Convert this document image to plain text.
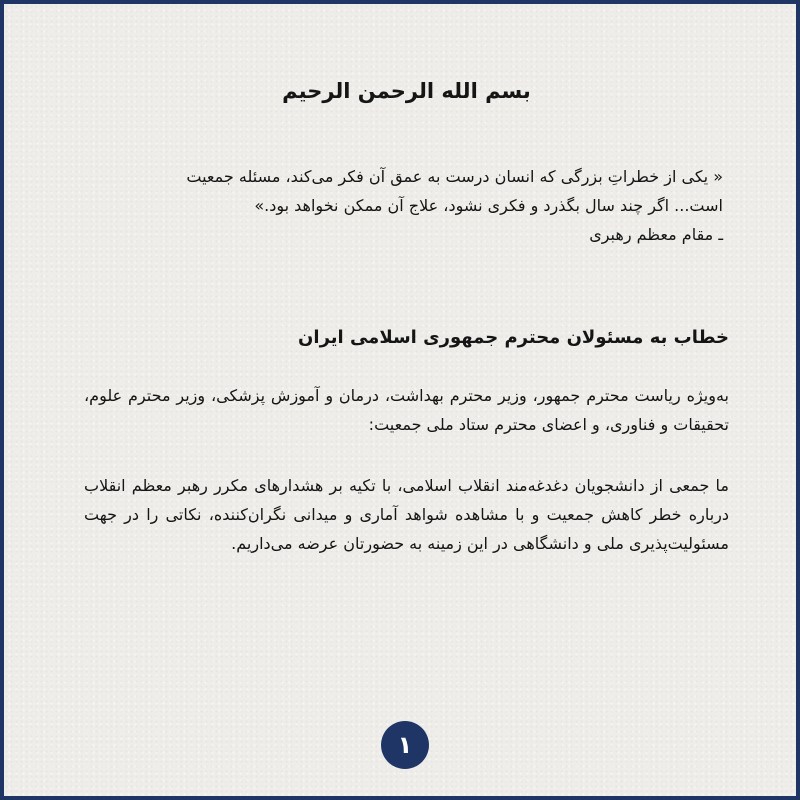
بسم الله الرحمن الرحیم
« یکی از خطراتِ بزرگی که انسان درست به عمق آن فکر می‌کند، مسئله جمعیت
است... اگر چند سال بگذرد و فکری نشود، علاج آن ممکن نخواهد بود.»
ـ مقام معظم رهبری
خطاب به مسئولان محترم جمهوری اسلامی ایران
به‌ویژه ریاست محترم جمهور، وزیر محترم بهداشت، درمان و آموزش پزشکی، وزیر محترم علوم، تحقیقات و فناوری، و اعضای محترم ستاد ملی جمعیت:
ما جمعی از دانشجویان دغدغه‌مند انقلاب اسلامی، با تکیه بر هشدارهای مکرر رهبر معظم انقلاب درباره خطر کاهش جمعیت و با مشاهده شواهد آماری و میدانی نگران‌کننده، نکاتی را در جهت مسئولیت‌پذیری ملی و دانشگاهی در این زمینه به حضورتان عرضه می‌داریم.
۱
